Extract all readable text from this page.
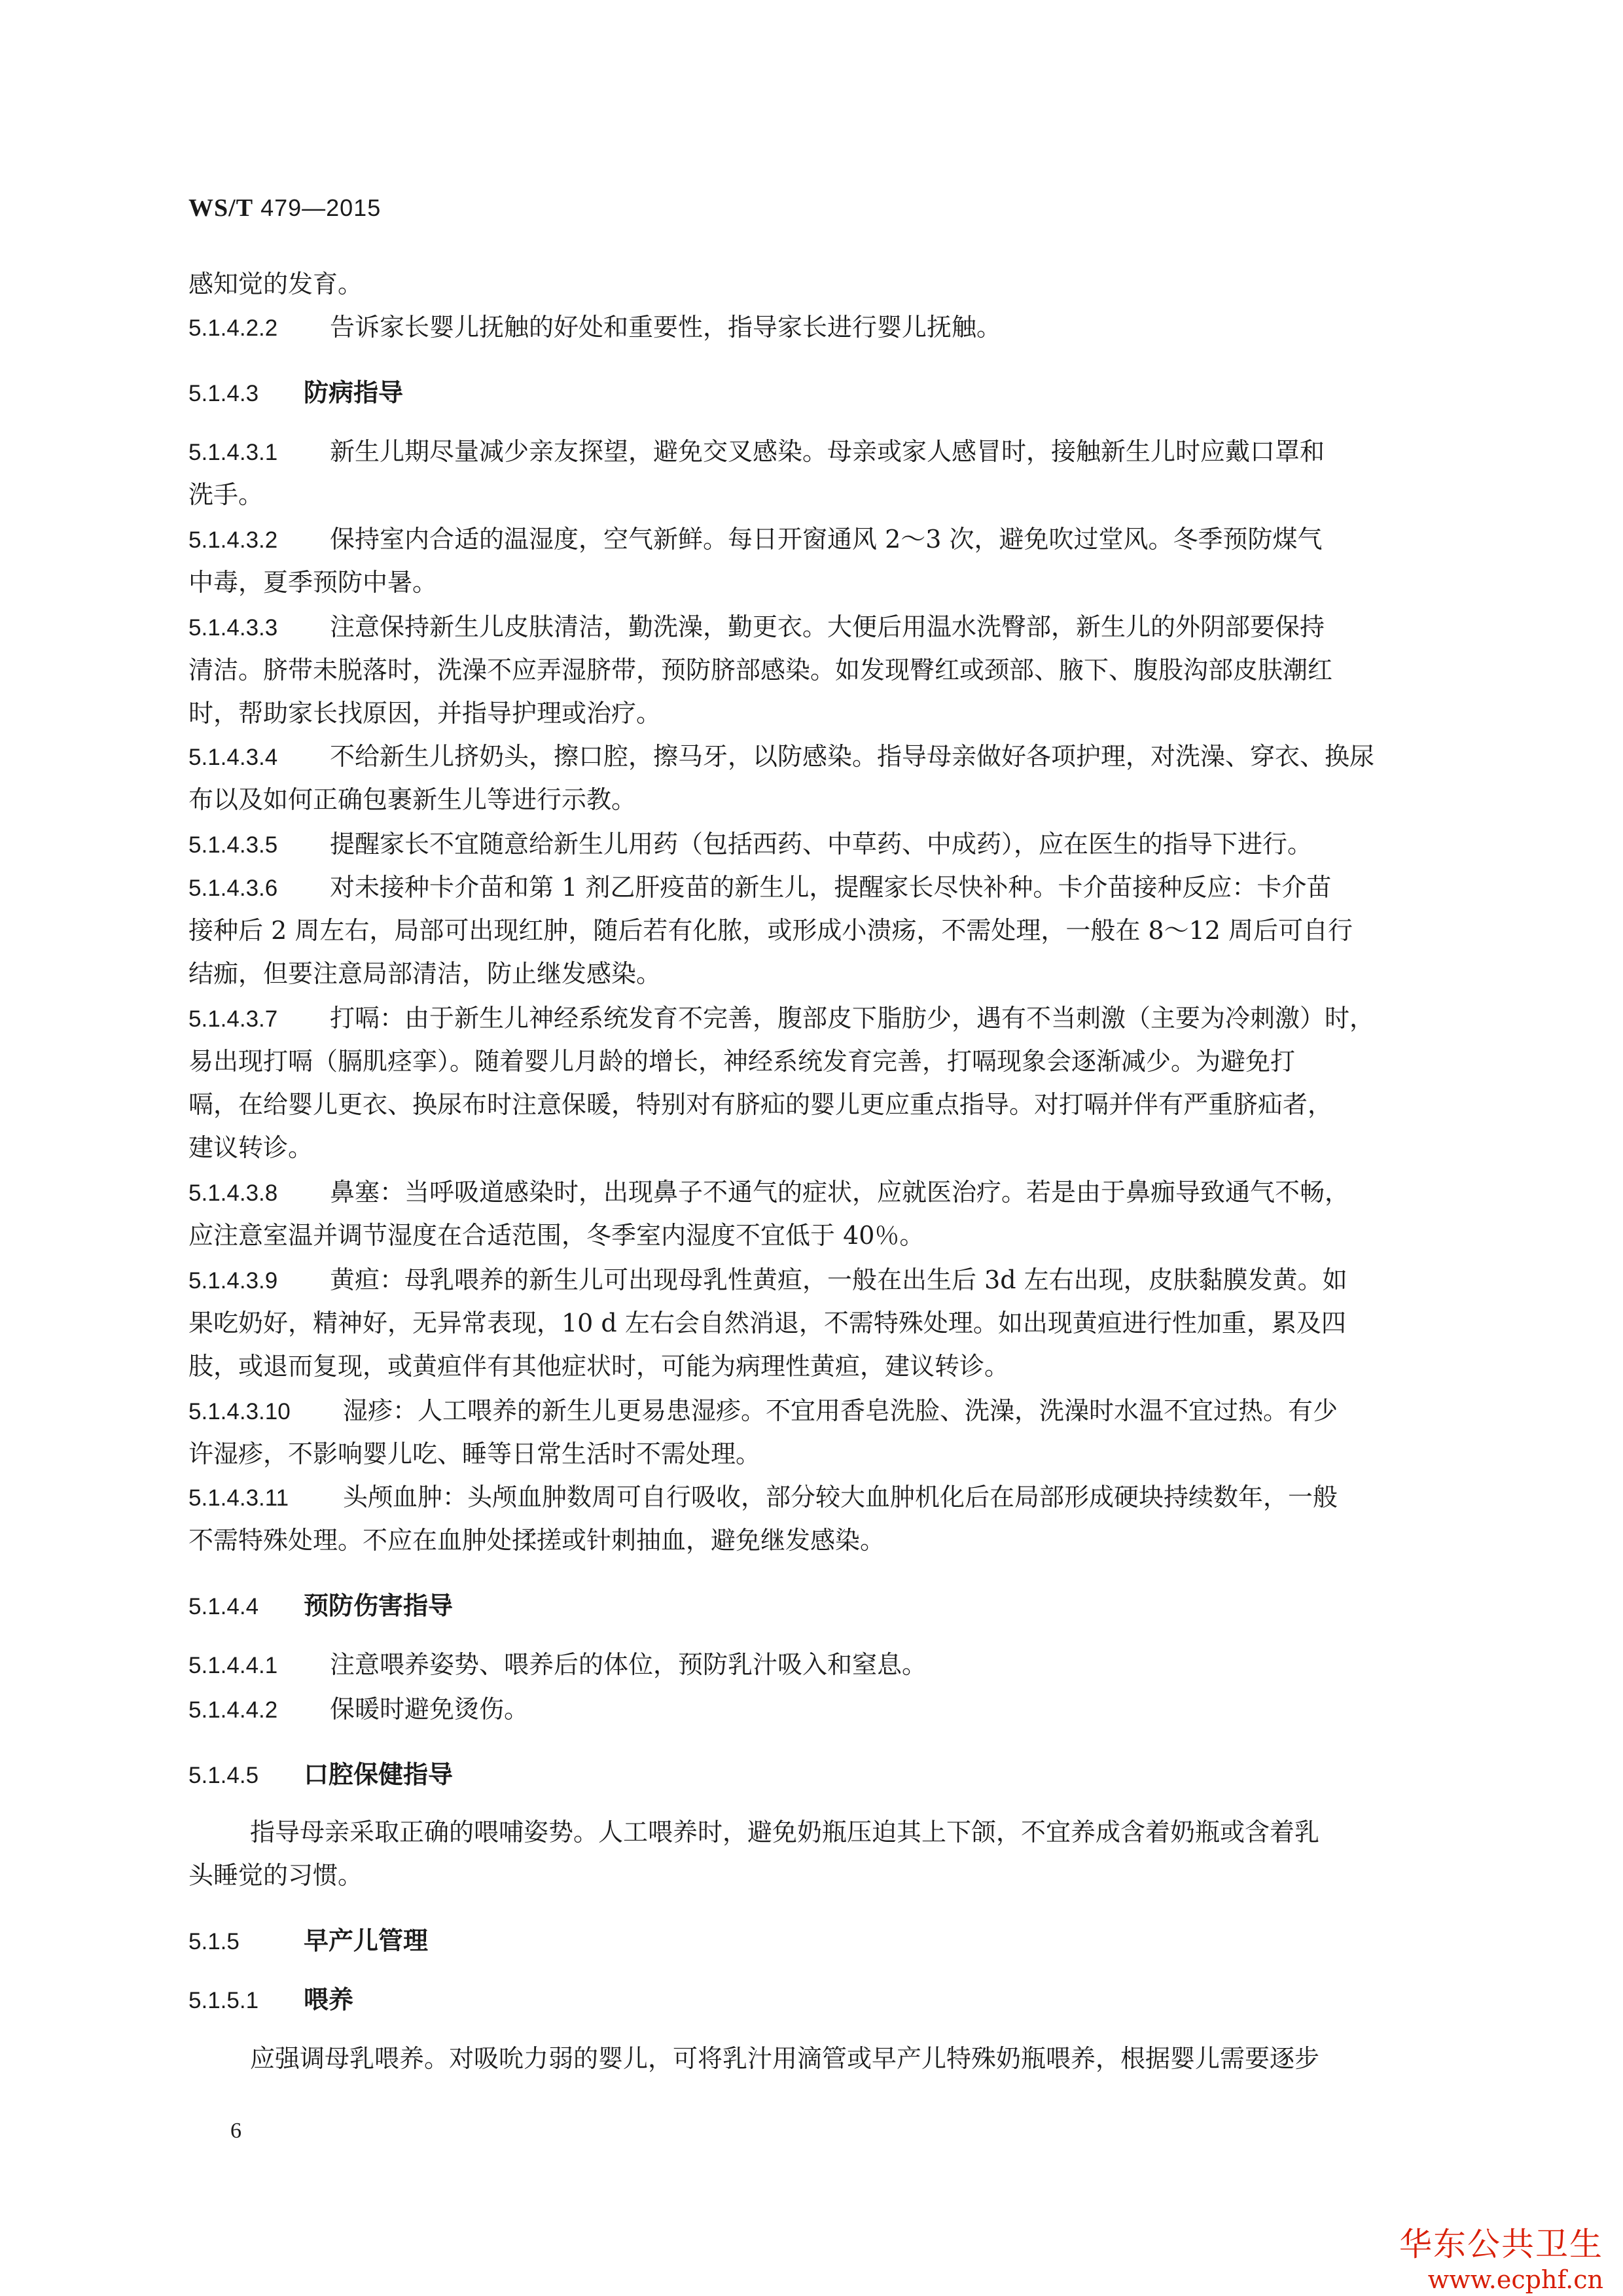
WS/T 479—2015
感知觉的发育。
5.1.4.2.2 告诉家长婴儿抚触的好处和重要性，指导家长进行婴儿抚触。
5.1.4.3 防病指导
5.1.4.3.1 新生儿期尽量减少亲友探望，避免交叉感染。母亲或家人感冒时，接触新生儿时应戴口罩和
洗手。
5.1.4.3.2 保持室内合适的温湿度，空气新鲜。每日开窗通风 2～3 次，避免吹过堂风。冬季预防煤气
中毒，夏季预防中暑。
5.1.4.3.3 注意保持新生儿皮肤清洁，勤洗澡，勤更衣。大便后用温水洗臀部，新生儿的外阴部要保持
清洁。脐带未脱落时，洗澡不应弄湿脐带，预防脐部感染。如发现臀红或颈部、腋下、腹股沟部皮肤潮红
时，帮助家长找原因，并指导护理或治疗。
5.1.4.3.4 不给新生儿挤奶头，擦口腔，擦马牙，以防感染。指导母亲做好各项护理，对洗澡、穿衣、换尿
布以及如何正确包裹新生儿等进行示教。
5.1.4.3.5 提醒家长不宜随意给新生儿用药（包括西药、中草药、中成药），应在医生的指导下进行。
5.1.4.3.6 对未接种卡介苗和第 1 剂乙肝疫苗的新生儿，提醒家长尽快补种。卡介苗接种反应：卡介苗
接种后 2 周左右，局部可出现红肿，随后若有化脓，或形成小溃疡，不需处理，一般在 8～12 周后可自行
结痂，但要注意局部清洁，防止继发感染。
5.1.4.3.7 打嗝：由于新生儿神经系统发育不完善，腹部皮下脂肪少，遇有不当刺激（主要为冷刺激）时，
易出现打嗝（膈肌痉挛）。随着婴儿月龄的增长，神经系统发育完善，打嗝现象会逐渐减少。为避免打
嗝，在给婴儿更衣、换尿布时注意保暖，特别对有脐疝的婴儿更应重点指导。对打嗝并伴有严重脐疝者，
建议转诊。
5.1.4.3.8 鼻塞：当呼吸道感染时，出现鼻子不通气的症状，应就医治疗。若是由于鼻痂导致通气不畅，
应注意室温并调节湿度在合适范围，冬季室内湿度不宜低于 40％。
5.1.4.3.9 黄疸：母乳喂养的新生儿可出现母乳性黄疸，一般在出生后 3d 左右出现，皮肤黏膜发黄。如
果吃奶好，精神好，无异常表现，10 d 左右会自然消退，不需特殊处理。如出现黄疸进行性加重，累及四
肢，或退而复现，或黄疸伴有其他症状时，可能为病理性黄疸，建议转诊。
5.1.4.3.10 湿疹：人工喂养的新生儿更易患湿疹。不宜用香皂洗脸、洗澡，洗澡时水温不宜过热。有少
许湿疹，不影响婴儿吃、睡等日常生活时不需处理。
5.1.4.3.11 头颅血肿：头颅血肿数周可自行吸收，部分较大血肿机化后在局部形成硬块持续数年，一般
不需特殊处理。不应在血肿处揉搓或针刺抽血，避免继发感染。
5.1.4.4 预防伤害指导
5.1.4.4.1 注意喂养姿势、喂养后的体位，预防乳汁吸入和窒息。
5.1.4.4.2 保暖时避免烫伤。
5.1.4.5 口腔保健指导
指导母亲采取正确的喂哺姿势。人工喂养时，避免奶瓶压迫其上下颌，不宜养成含着奶瓶或含着乳
头睡觉的习惯。
5.1.5	早产儿管理
5.1.5.1 喂养
应强调母乳喂养。对吸吮力弱的婴儿，可将乳汁用滴管或早产儿特殊奶瓶喂养，根据婴儿需要逐步
6
华东公共卫生
www.ecphf.cn
